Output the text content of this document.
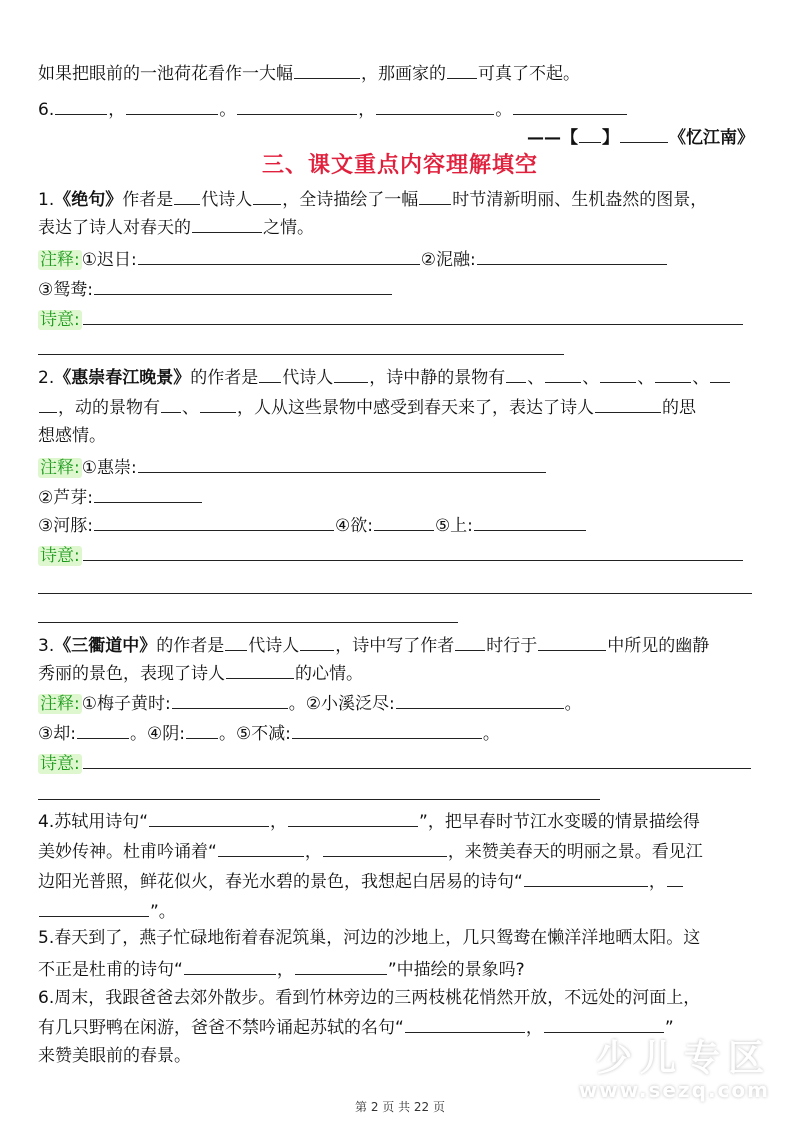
如果把眼前的一池荷花看作一大幅	，那画家的 可真了不起。
6.	，	。	，	。
——【 】	《忆江南》
三、课文重点内容理解填空
1.《绝句》作者是 代诗人 ，全诗描绘了一幅 时节清新明丽、生机盎然的图景，
表达了诗人对春天的	之情。
注释: ①迟日:	②泥融:
③鸳鸯:
诗意:
2.《惠崇春江晚景》的作者是 代诗人 ，诗中静的景物有 、 、 、 、
，动的景物有 、 ，人从这些景物中感受到春天来了，表达了诗人	的思
想感情。
注释: ①惠崇:
②芦芽:
③河豚:	④欲:	⑤上:
诗意:
3.《三衢道中》的作者是 代诗人 ，诗中写了作者 时行于	中所见的幽静
秀丽的景色，表现了诗人	的心情。
注释: ①梅子黄时:	。②小溪泛尽:	。
③却:	。④阴: 。⑤不减:	。
诗意:
4.苏轼用诗句“	，	”，把早春时节江水变暖的情景描绘得
美妙传神。杜甫吟诵着“	，	，来赞美春天的明丽之景。看见江
边阳光普照，鲜花似火，春光水碧的景色，我想起白居易的诗句“	，
”。
5.春天到了，燕子忙碌地衔着春泥筑巢，河边的沙地上，几只鸳鸯在懒洋洋地晒太阳。这
不正是杜甫的诗句“	，	”中描绘的景象吗?
6.周末，我跟爸爸去郊外散步。看到竹林旁边的三两枝桃花悄然开放，不远处的河面上，
有几只野鸭在闲游，爸爸不禁吟诵起苏轼的名句“	，	”
来赞美眼前的春景。	少儿专区
www.sezq.com
第 2 页 共 22 页
